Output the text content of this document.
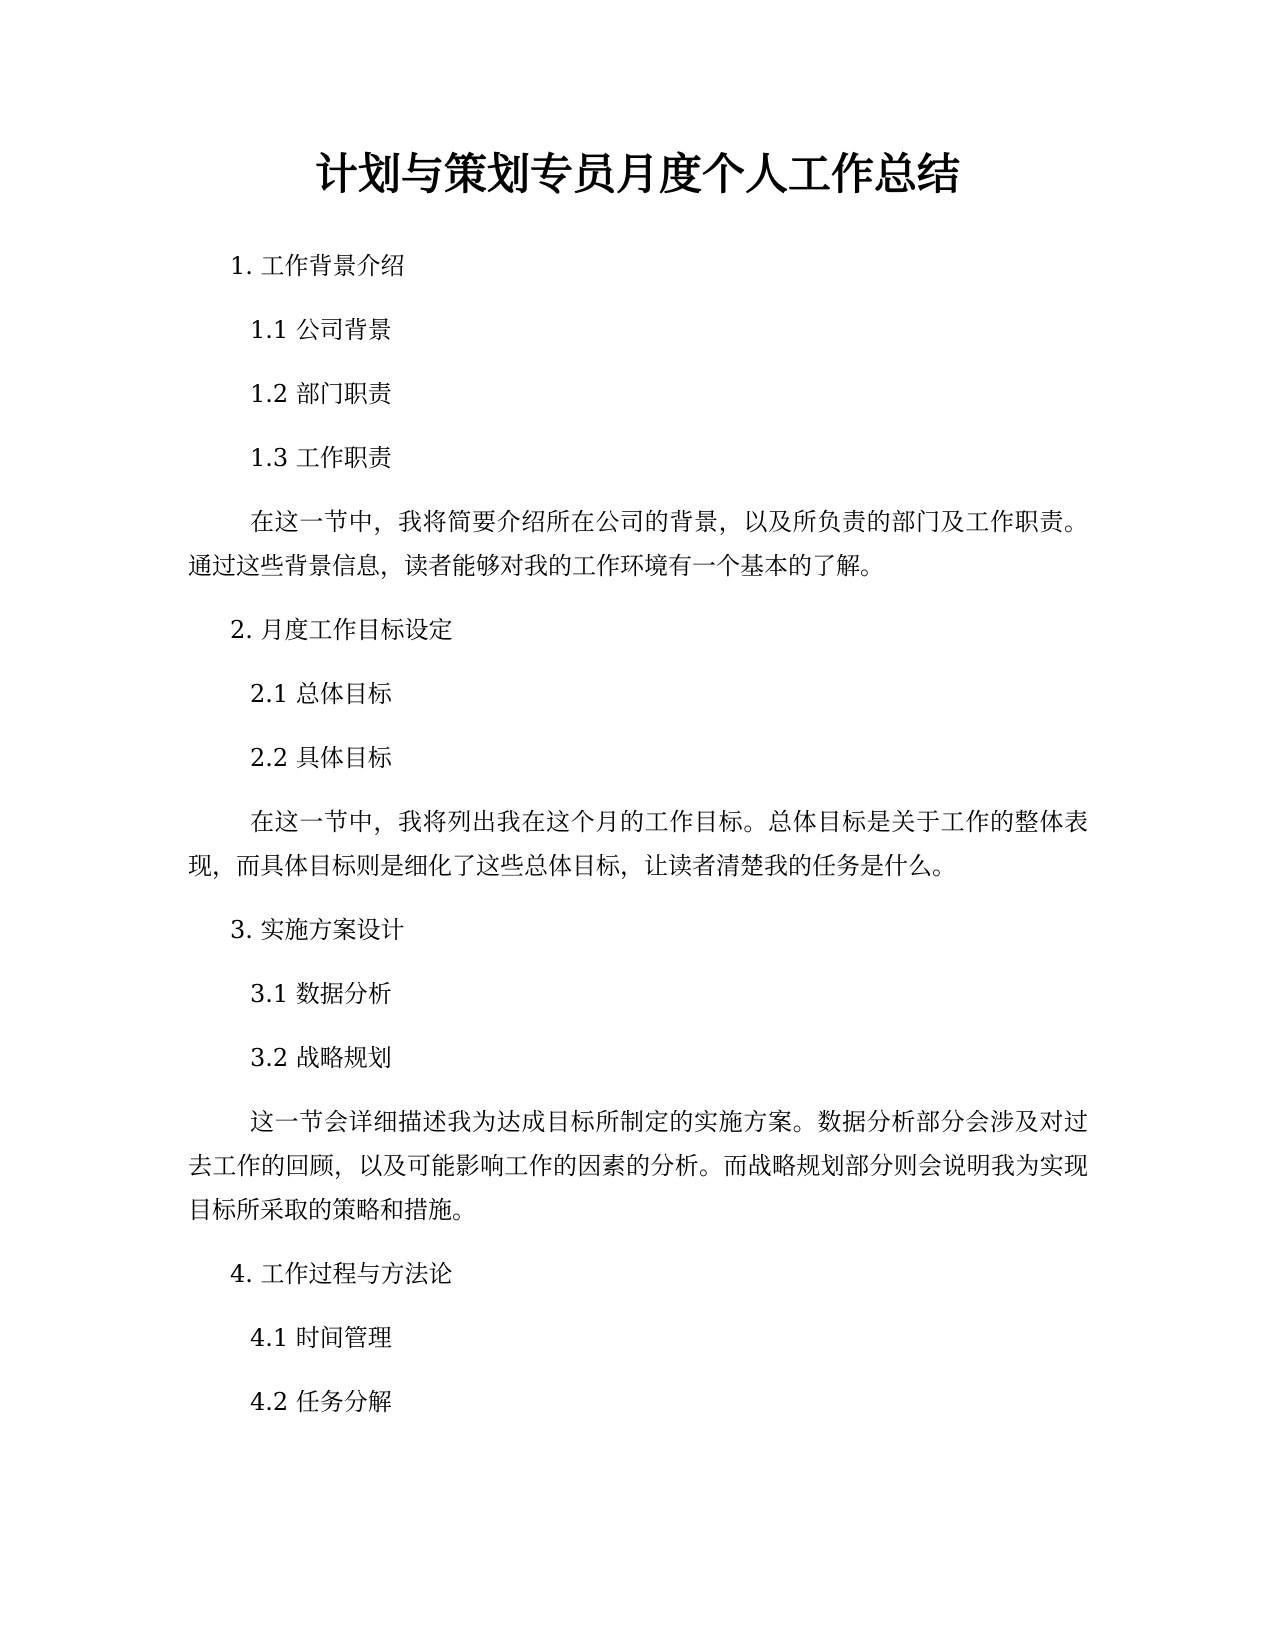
计划与策划专员月度个人工作总结
1. 工作背景介绍
1.1 公司背景
1.2 部门职责
1.3 工作职责

在这一节中，我将简要介绍所在公司的背景，以及所负责的部门及工作职责。通过这些背景信息，读者能够对我的工作环境有一个基本的了解。

2. 月度工作目标设定
2.1 总体目标
2.2 具体目标

在这一节中，我将列出我在这个月的工作目标。总体目标是关于工作的整体表现，而具体目标则是细化了这些总体目标，让读者清楚我的任务是什么。

3. 实施方案设计
3.1 数据分析
3.2 战略规划

这一节会详细描述我为达成目标所制定的实施方案。数据分析部分会涉及对过去工作的回顾，以及可能影响工作的因素的分析。而战略规划部分则会说明我为实现目标所采取的策略和措施。

4. 工作过程与方法论
4.1 时间管理
4.2 任务分解
